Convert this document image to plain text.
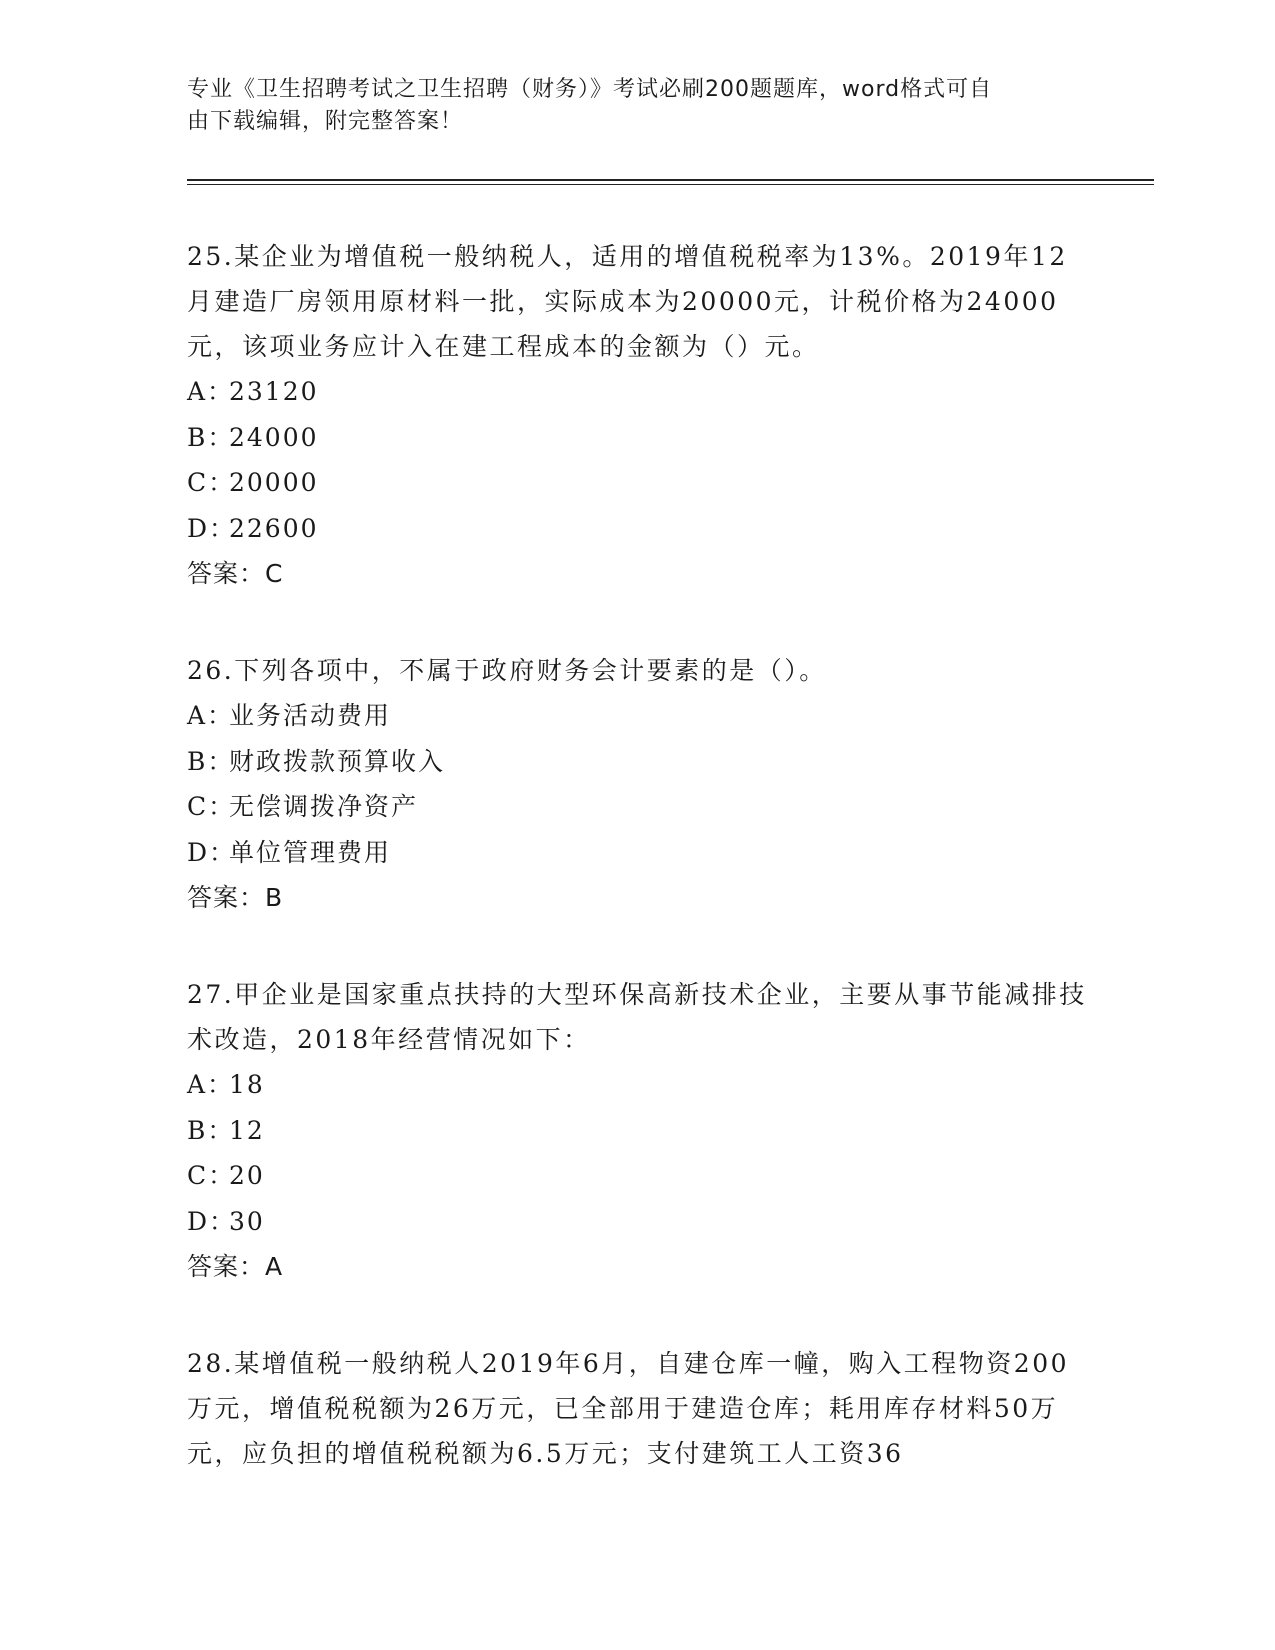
专业《卫生招聘考试之卫生招聘（财务）》考试必刷200题题库，word格式可自
由下载编辑，附完整答案！

25.某企业为增值税一般纳税人，适用的增值税税率为13%。2019年12月建造厂房领用原材料一批，实际成本为20000元，计税价格为24000元，该项业务应计入在建工程成本的金额为（）元。

A：23120
B：24000
C：20000
D：22600

答案：C

26.下列各项中，不属于政府财务会计要素的是（）。

A：业务活动费用
B：财政拨款预算收入
C：无偿调拨净资产
D：单位管理费用

答案：B

27.甲企业是国家重点扶持的大型环保高新技术企业，主要从事节能减排技术改造，2018年经营情况如下：

A：18
B：12
C：20
D：30

答案：A

28.某增值税一般纳税人2019年6月，自建仓库一幢，购入工程物资200万元，增值税税额为26万元，已全部用于建造仓库；耗用库存材料50万元，应负担的增值税税额为6.5万元；支付建筑工人工资36
